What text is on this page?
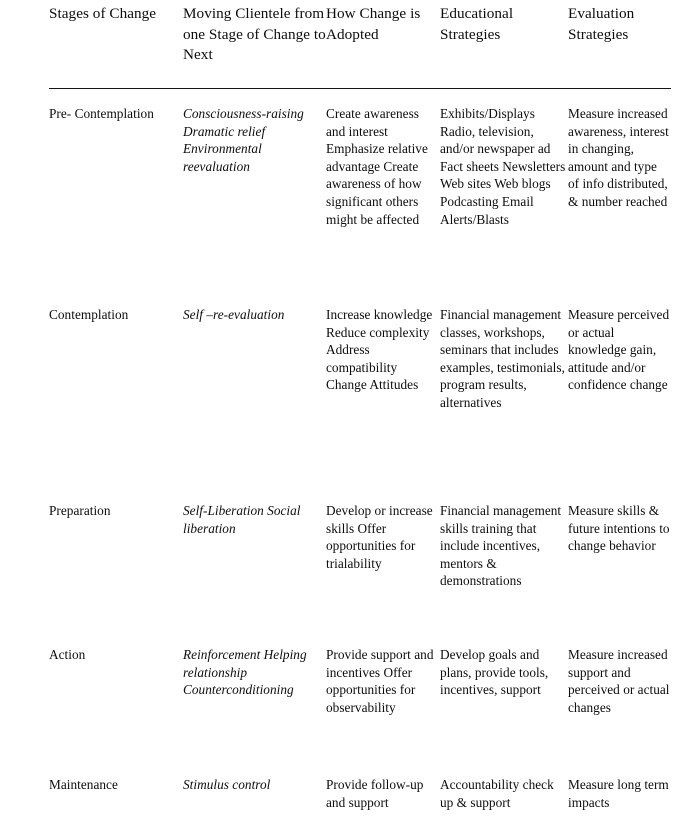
Stages of Change	Moving Clientele from one Stage of Change to Next	How Change is Adopted	Educational Strategies	Evaluation Strategies

Pre- Contemplation	Consciousness-raising Dramatic relief Environmental reevaluation	Create awareness and interest Emphasize relative advantage Create awareness of how significant others might be affected	Exhibits/Displays Radio, television, and/or newspaper ad Fact sheets Newsletters Web sites Web blogs Podcasting Email Alerts/Blasts	Measure increased awareness, interest in changing, amount and type of info distributed, & number reached
Contemplation	Self –re-evaluation	Increase knowledge Reduce complexity Address compatibility Change Attitudes	Financial management classes, workshops, seminars that includes examples, testimonials, program results, alternatives	Measure perceived or actual knowledge gain, attitude and/or confidence change
Preparation	Self-Liberation Social liberation	Develop or increase skills Offer opportunities for trialability	Financial management skills training that include incentives, mentors & demonstrations	Measure skills & future intentions to change behavior
Action	Reinforcement Helping relationship Counterconditioning	Provide support and incentives Offer opportunities for observability	Develop goals and plans, provide tools, incentives, support	Measure increased support and perceived or actual changes
Maintenance	Stimulus control	Provide follow-up and support	Accountability check up & support	Measure long term impacts
